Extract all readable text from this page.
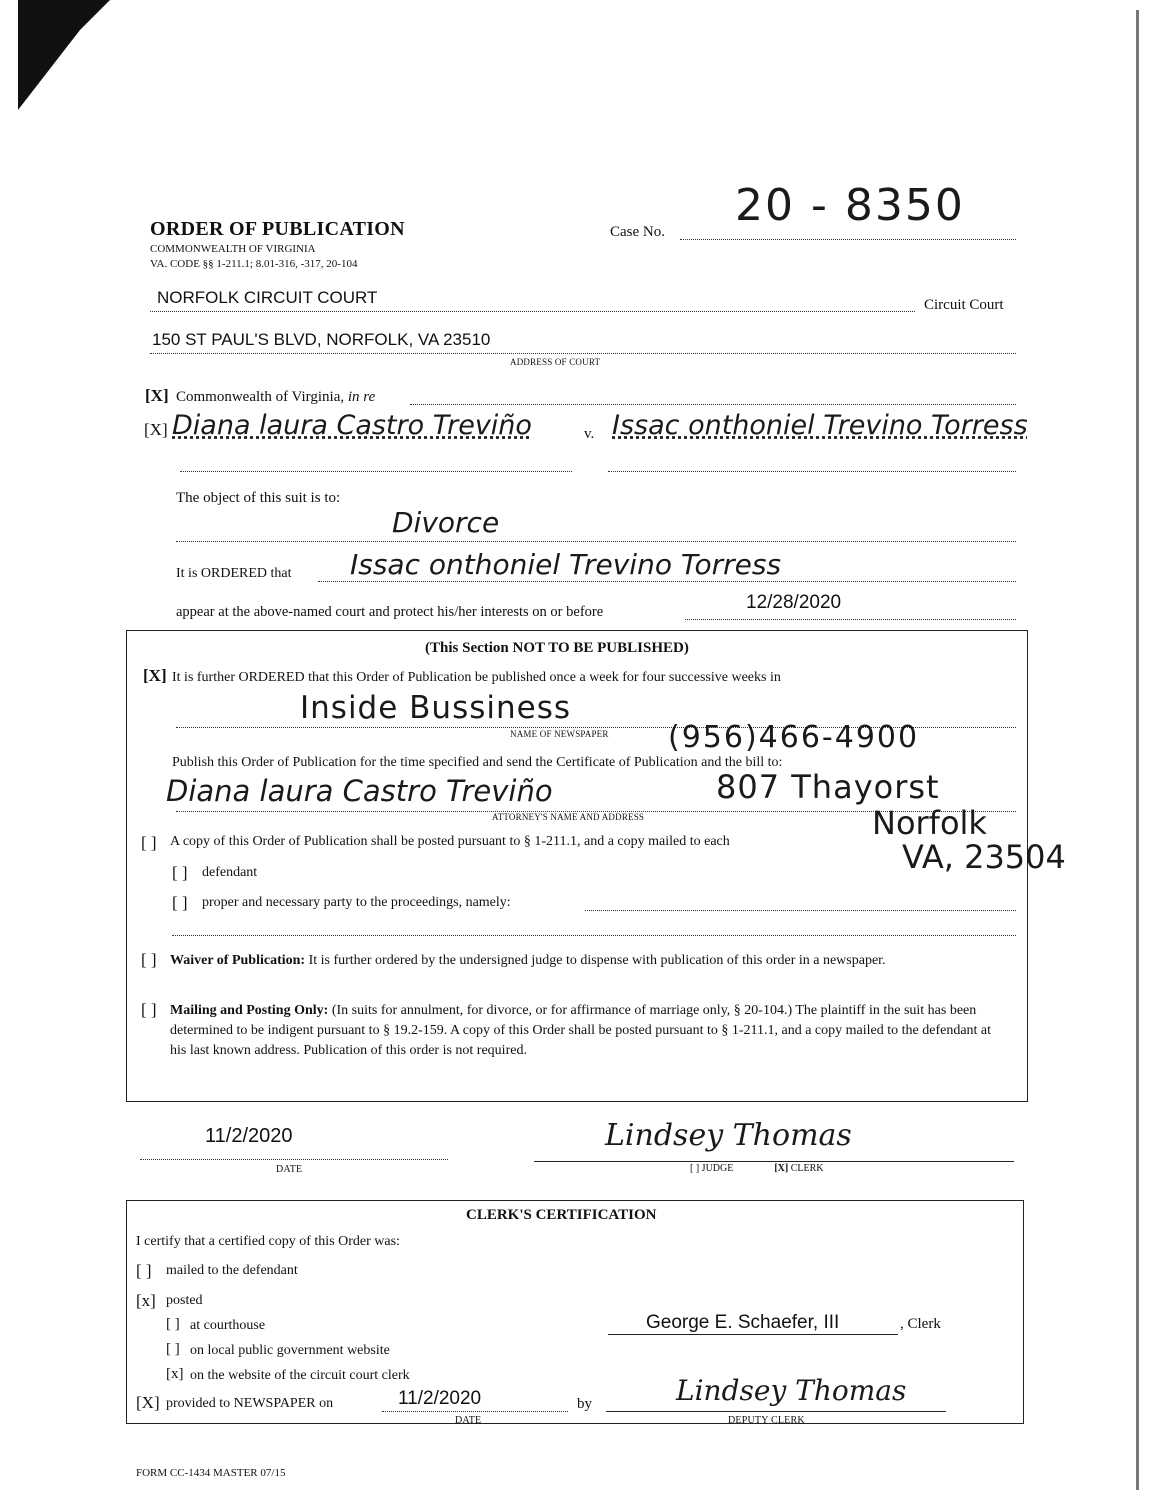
ORDER OF PUBLICATION
COMMONWEALTH OF VIRGINIA
VA. CODE §§ 1-211.1; 8.01-316, -317, 20-104
Case No.
20 - 8350
NORFOLK CIRCUIT COURT	Circuit Court
150 ST PAUL'S BLVD, NORFOLK, VA 23510
ADDRESS OF COURT
[X] Commonwealth of Virginia, in re
[X] Diana laura Castro Treviño	v. Issac onthoniel Trevino Torress
The object of this suit is to:
Divorce
It is ORDERED that Issac onthoniel Trevino Torress
appear at the above-named court and protect his/her interests on or before	12/28/2020
(This Section NOT TO BE PUBLISHED)
[X] It is further ORDERED that this Order of Publication be published once a week for four successive weeks in
Inside Bussiness
NAME OF NEWSPAPER (956)466-4900
Publish this Order of Publication for the time specified and send the Certificate of Publication and the bill to:
Diana laura Castro Treviño	807 Thayorst
ATTORNEY'S NAME AND ADDRESS	Norfolk
VA, 23504
[ ] A copy of this Order of Publication shall be posted pursuant to § 1-211.1, and a copy mailed to each
[ ] defendant
[ ] proper and necessary party to the proceedings, namely:
[ ] Waiver of Publication: It is further ordered by the undersigned judge to dispense with publication of this order in a newspaper.
[ ] Mailing and Posting Only: (In suits for annulment, for divorce, or for affirmance of marriage only, § 20-104.) The plaintiff in the suit has been determined to be indigent pursuant to § 19.2-159. A copy of this Order shall be posted pursuant to § 1-211.1, and a copy mailed to the defendant at his last known address. Publication of this order is not required.
11/2/2020
DATE
Lindsey Thomas
[ ] JUDGE	[X] CLERK
CLERK'S CERTIFICATION
I certify that a certified copy of this Order was:
[ ] mailed to the defendant
[x] posted
[ ] at courthouse
[ ] on local public government website
[x] on the website of the circuit court clerk
George E. Schaefer, III	, Clerk
[X] provided to NEWSPAPER on	11/2/2020
DATE
by	Lindsey Thomas
DEPUTY CLERK
FORM CC-1434 MASTER 07/15
